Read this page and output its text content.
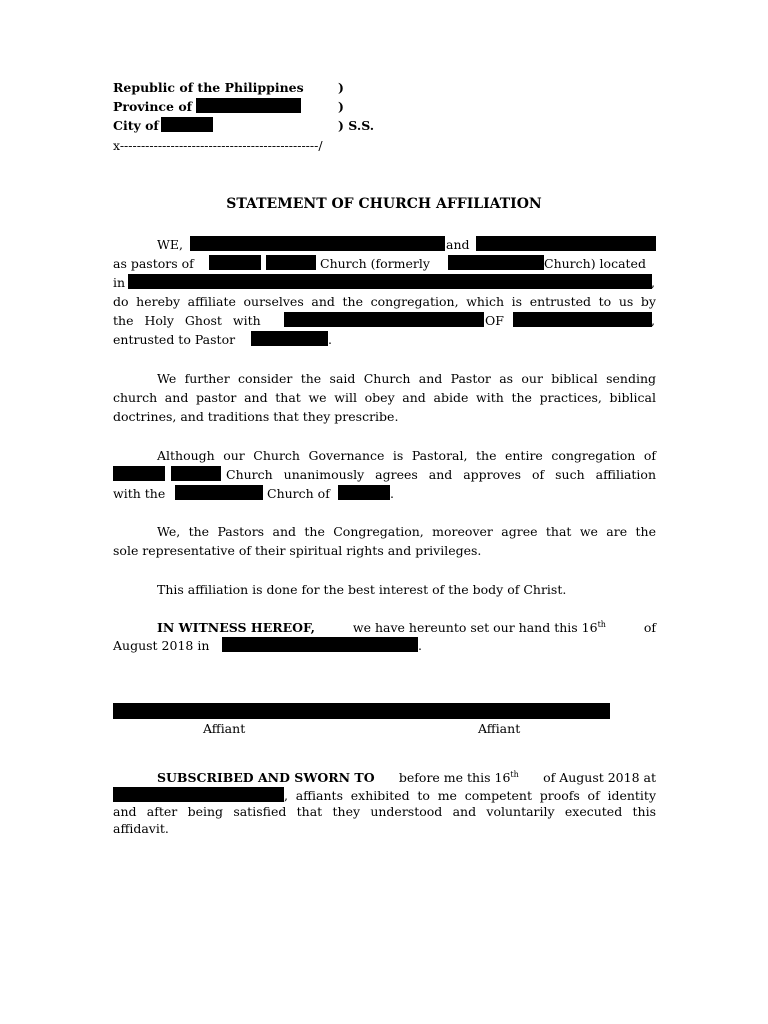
Republic of the Philippines	)
Province of	)
City of	) S.S.
x-----------------------------------------------/
STATEMENT OF CHURCH AFFILIATION
WE,	and
as pastors of	Church (formerly	Church) located
in	,
do hereby affiliate ourselves and the congregation, which is entrusted to us by
the Holy Ghost with	OF	,
entrusted to Pastor	.
We further consider the said Church and Pastor as our biblical sending
church and pastor and that we will obey and abide with the practices, biblical
doctrines, and traditions that they prescribe.
Although our Church Governance is Pastoral, the entire congregation of
Church unanimously agrees and approves of such affiliation
with the	Church of	.
We, the Pastors and the Congregation, moreover agree that we are the
sole representative of their spiritual rights and privileges.
This affiliation is done for the best interest of the body of Christ.
IN WITNESS HEREOF,	we have hereunto set our hand this 16th	of
August 2018 in	.
Affiant	Affiant
SUBSCRIBED AND SWORN TO before me this 16th of August 2018 at
, affiants exhibited to me competent proofs of identity
and after being satisfied that they understood and voluntarily executed this
affidavit.
